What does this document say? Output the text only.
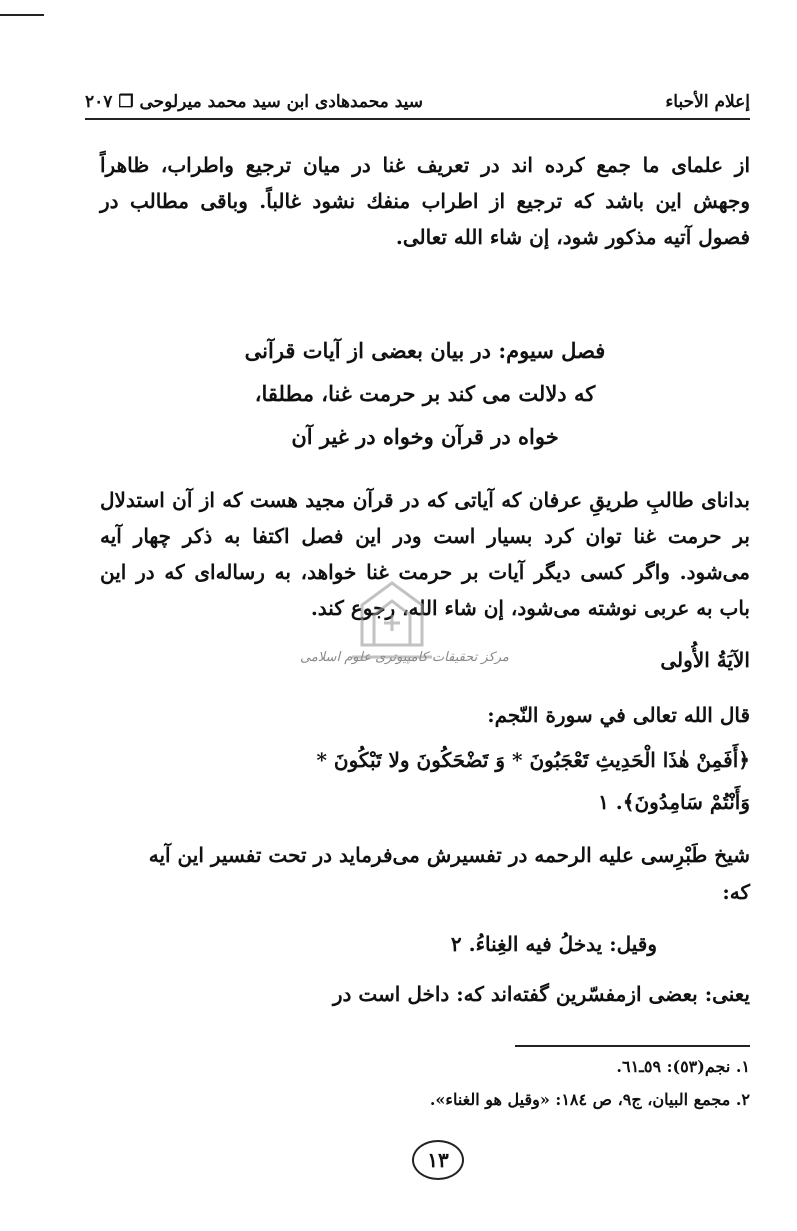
إعلام الأحباء
سيد محمدهادى ابن سيد محمد ميرلوحى ❒ ٢٠٧

از علمای ما جمع کرده اند در تعریف غنا در میان ترجیع واطراب، ظاهراً وجهش این باشد که ترجیع از اطراب منفك نشود غالباً. وباقی مطالب در فصول آتیه مذکور شود، إن شاء الله تعالى.

فصل سیوم: در بیان بعضی از آیات قرآنی
که دلالت می کند بر حرمت غنا، مطلقا،
خواه در قرآن وخواه در غیر آن

بدانای طالبِ طریقِ عرفان که آیاتی که در قرآن مجید هست که از آن استدلال بر حرمت غنا توان کرد بسیار است ودر این فصل اکتفا به ذکر چهار آیه می‌شود. واگر کسی دیگر آیات بر حرمت غنا خواهد، به رساله‌ای که در این باب به عربی نوشته می‌شود، إن شاء الله، رجوع کند.

الآيَةُ الأُولى
مرکز تحقیقات کامپیوتری علوم اسلامی
قال الله تعالى في سورة النّجم:
﴿أَفَمِنْ هٰذَا الْحَدِيثِ تَعْجَبُونَ * وَ تَضْحَكُونَ ولا تَبْكُونَ *
وَأَنْتُمْ سَامِدُونَ﴾. ١
شیخ طَبْرِسی علیه الرحمه در تفسیرش می‌فرماید در تحت تفسیر این آیه
که:
وقيل: يدخلُ فيه الغِناءُ. ٢
یعنی: بعضی ازمفسّرین گفته‌اند که: داخل است در
١. نجم(٥٣): ٥٩ـ٦١.
٢. مجمع البیان، ج٩، ص ١٨٤: «وقيل هو الغناء».
١٣
